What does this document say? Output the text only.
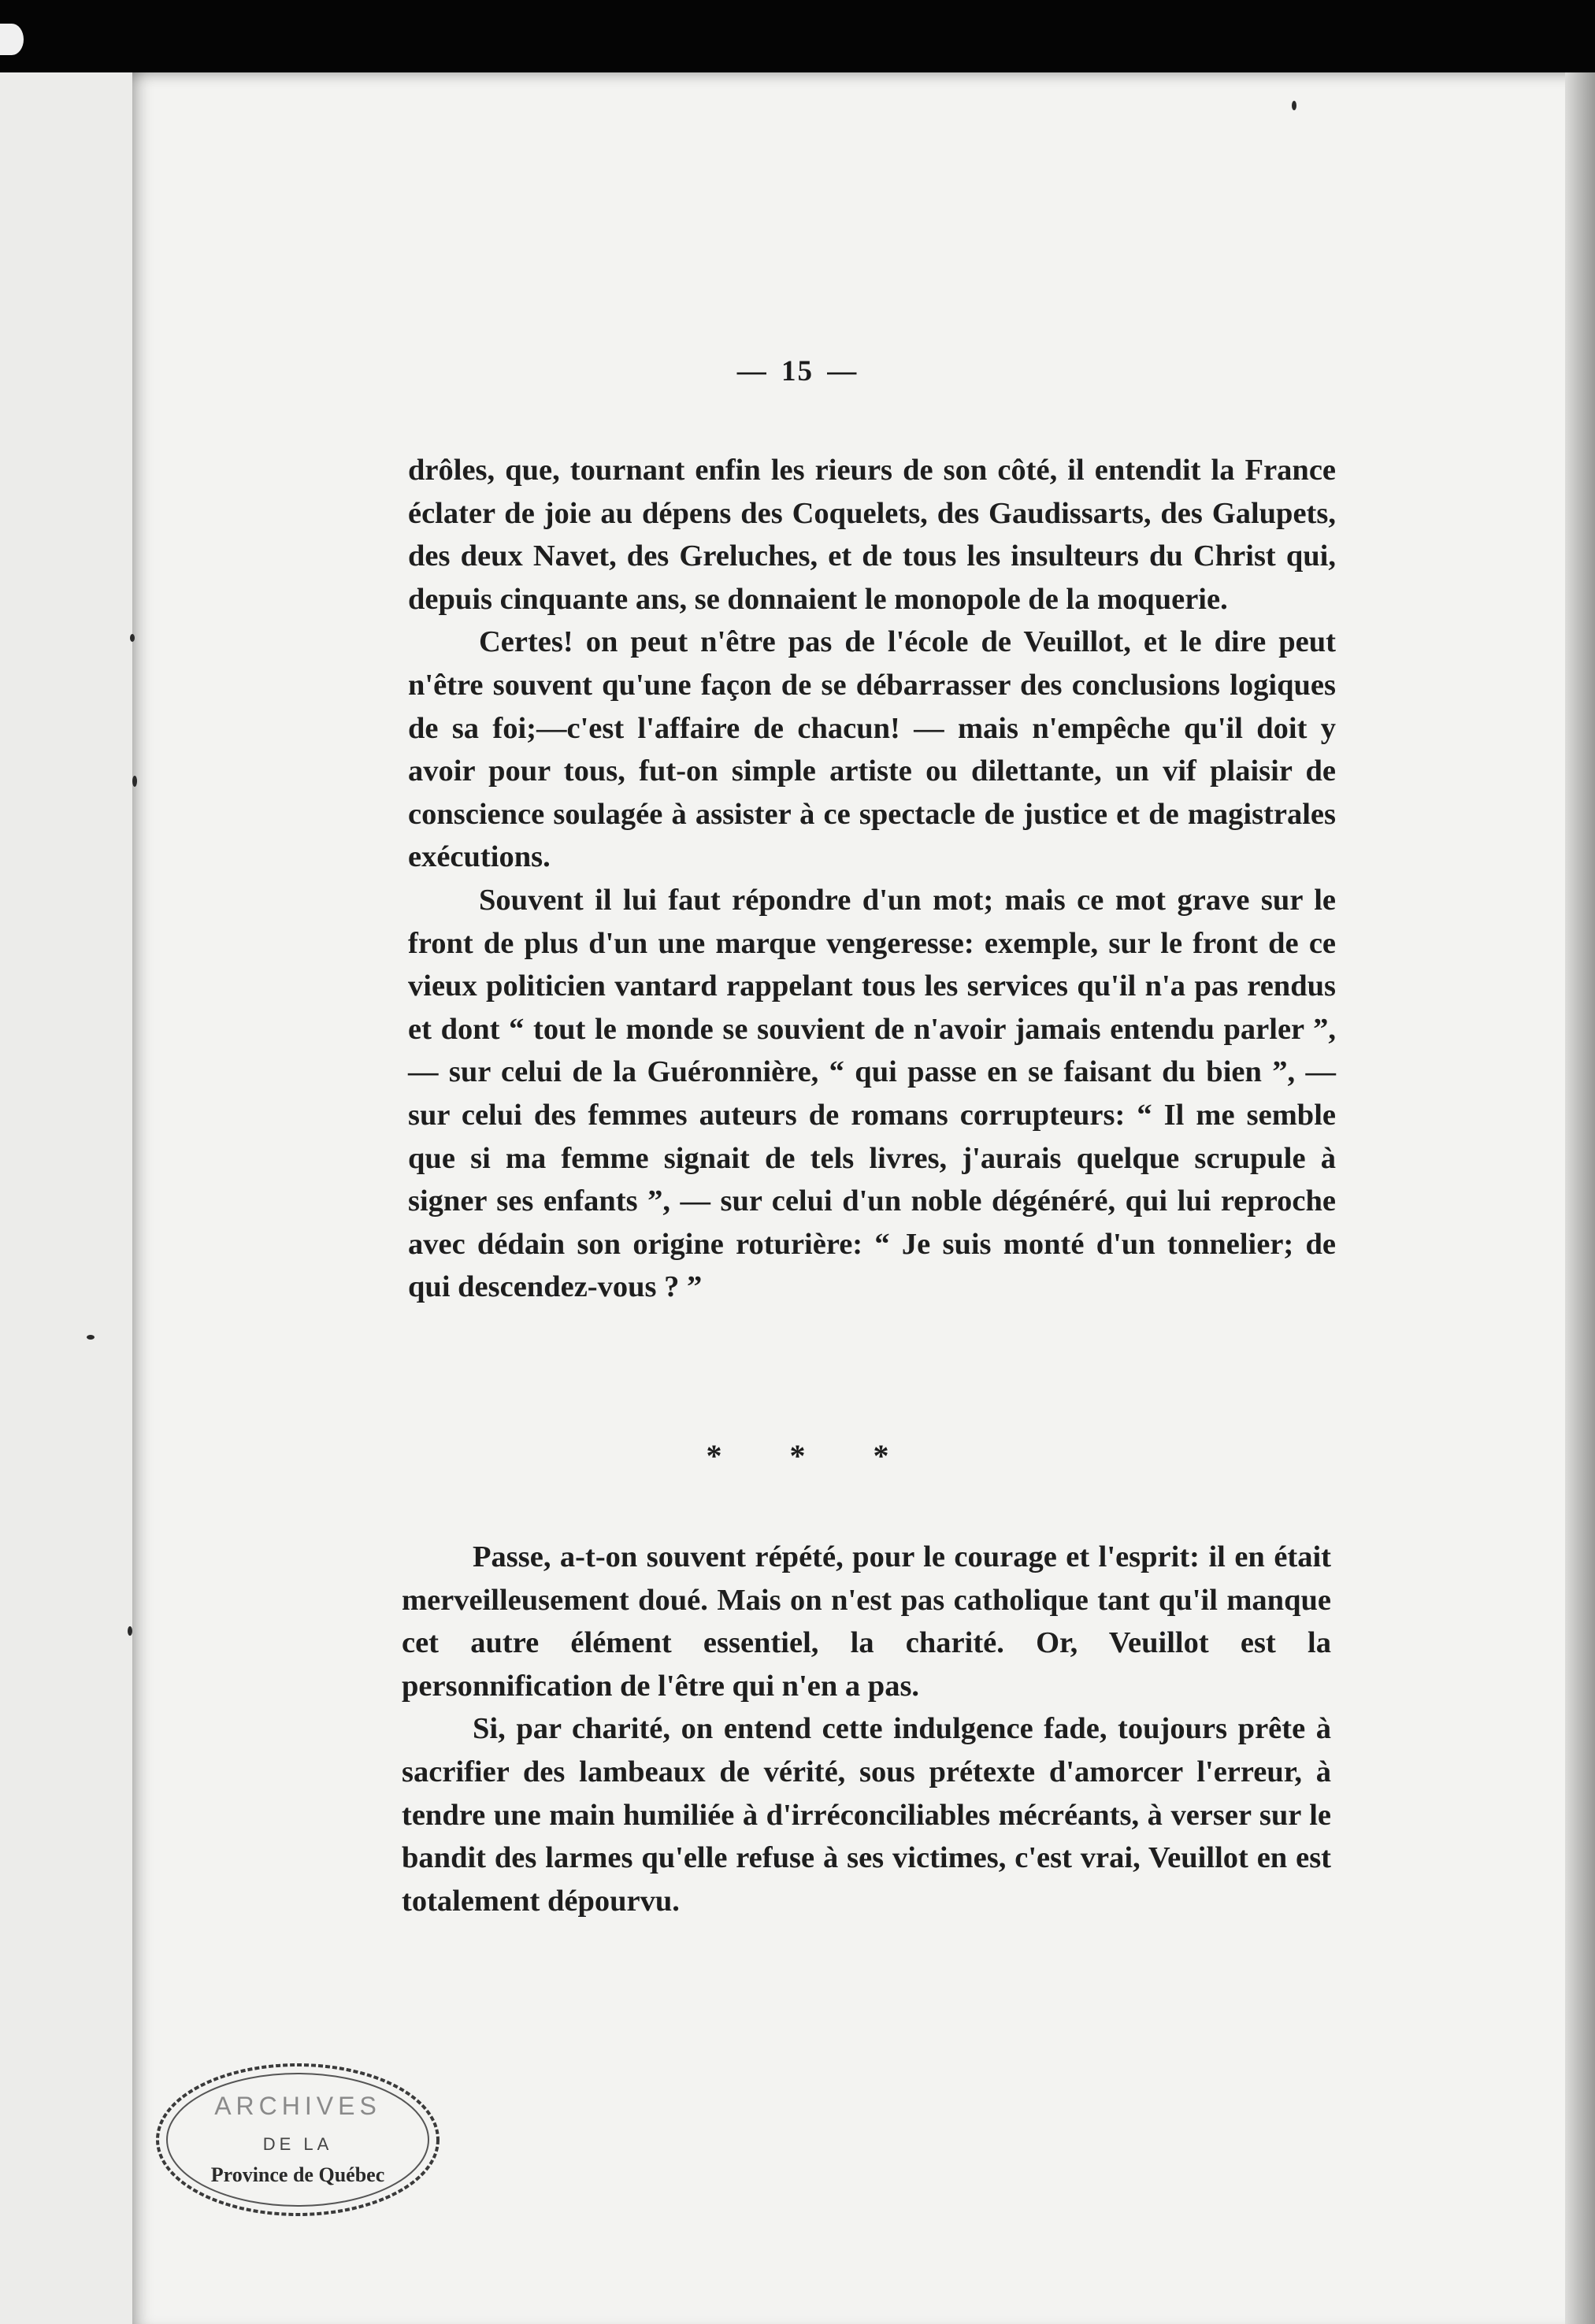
— 15 —

drôles, que, tournant enfin les rieurs de son côté, il entendit la France éclater de joie au dépens des Coquelets, des Gaudissarts, des Galupets, des deux Navet, des Greluches, et de tous les insulteurs du Christ qui, depuis cinquante ans, se donnaient le monopole de la moquerie.

Certes! on peut n'être pas de l'école de Veuillot, et le dire peut n'être souvent qu'une façon de se débarrasser des conclusions logiques de sa foi;—c'est l'affaire de chacun! — mais n'empêche qu'il doit y avoir pour tous, fut-on simple artiste ou dilettante, un vif plaisir de conscience soulagée à assister à ce spectacle de justice et de magistrales exécutions.

Souvent il lui faut répondre d'un mot; mais ce mot grave sur le front de plus d'un une marque vengeresse: exemple, sur le front de ce vieux politicien vantard rappelant tous les services qu'il n'a pas rendus et dont “ tout le monde se souvient de n'avoir jamais entendu parler ”, — sur celui de la Guéronnière, “ qui passe en se faisant du bien ”, — sur celui des femmes auteurs de romans corrupteurs: “ Il me semble que si ma femme signait de tels livres, j'aurais quelque scrupule à signer ses enfants ”, — sur celui d'un noble dégénéré, qui lui reproche avec dédain son origine roturière: “ Je suis monté d'un tonnelier; de qui descendez-vous ? ”

* * *

Passe, a-t-on souvent répété, pour le courage et l'esprit: il en était merveilleusement doué. Mais on n'est pas catholique tant qu'il manque cet autre élément essentiel, la charité. Or, Veuillot est la personnification de l'être qui n'en a pas.

Si, par charité, on entend cette indulgence fade, toujours prête à sacrifier des lambeaux de vérité, sous prétexte d'amorcer l'erreur, à tendre une main humiliée à d'irréconciliables mécréants, à verser sur le bandit des larmes qu'elle refuse à ses victimes, c'est vrai, Veuillot en est totalement dépourvu.

ARCHIVES
DE LA
Province de Québec
